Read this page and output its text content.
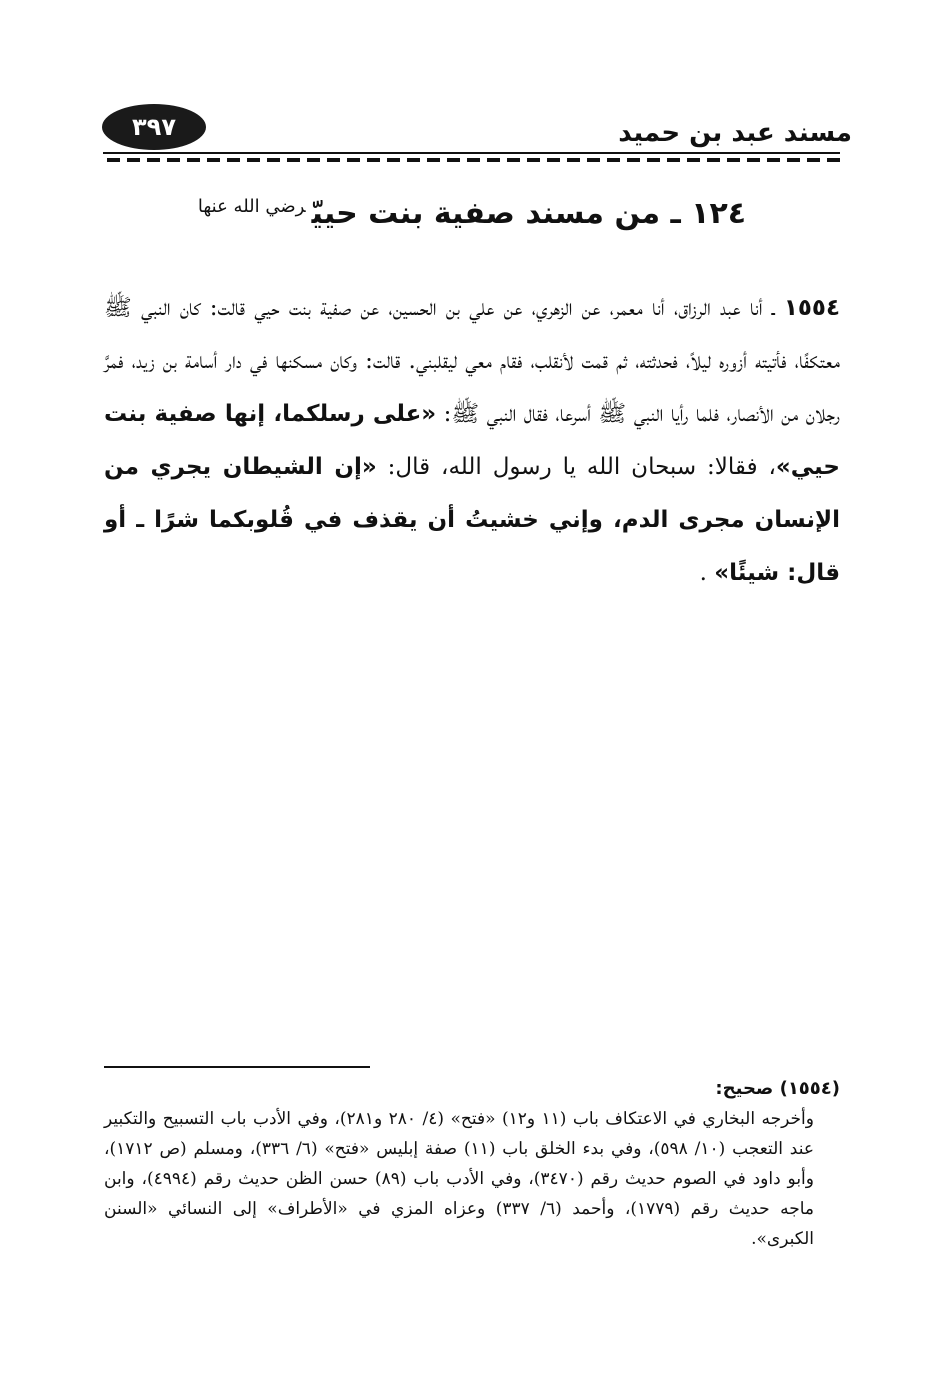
مسند عبد بن حميد
٣٩٧
١٢٤ ـ من مسند صفية بنت حييّ$^{رضي الله عنها}$
١٥٥٤ ـ أنا عبد الرزاق، أنا معمر، عن الزهري، عن علي بن الحسين، عن صفية بنت حيي قالت: كان النبي ﷺ معتكفًا، فأتيته أزوره ليلاً، فحدثته، ثم قمت لأنقلب، فقام معي ليقلبني. قالت: وكان مسكنها في دار أسامة بن زيد، فمرَّ رجلان من الأنصار، فلما رأيا النبي ﷺ أسرعا، فقال النبي ﷺ: «على رسلكما، إنها صفية بنت حيي»، فقالا: سبحان الله يا رسول الله، قال: «إن الشيطان يجري من الإنسان مجرى الدم، وإني خشيتُ أن يقذف في قُلوبكما شرًا ـ أو قال: شيئًا» .
(١٥٥٤) صحيح:
وأخرجه البخاري في الاعتكاف باب (١١ و١٢) «فتح» (٤/ ٢٨٠ و٢٨١)، وفي الأدب باب التسبيح والتكبير عند التعجب (١٠/ ٥٩٨)، وفي بدء الخلق باب (١١) صفة إبليس «فتح» (٦/ ٣٣٦)، ومسلم (ص ١٧١٢)، وأبو داود في الصوم حديث رقم (٣٤٧٠)، وفي الأدب باب (٨٩) حسن الظن حديث رقم (٤٩٩٤)، وابن ماجه حديث رقم (١٧٧٩)، وأحمد (٦/ ٣٣٧) وعزاه المزي في «الأطراف» إلى النسائي «السنن الكبرى».
